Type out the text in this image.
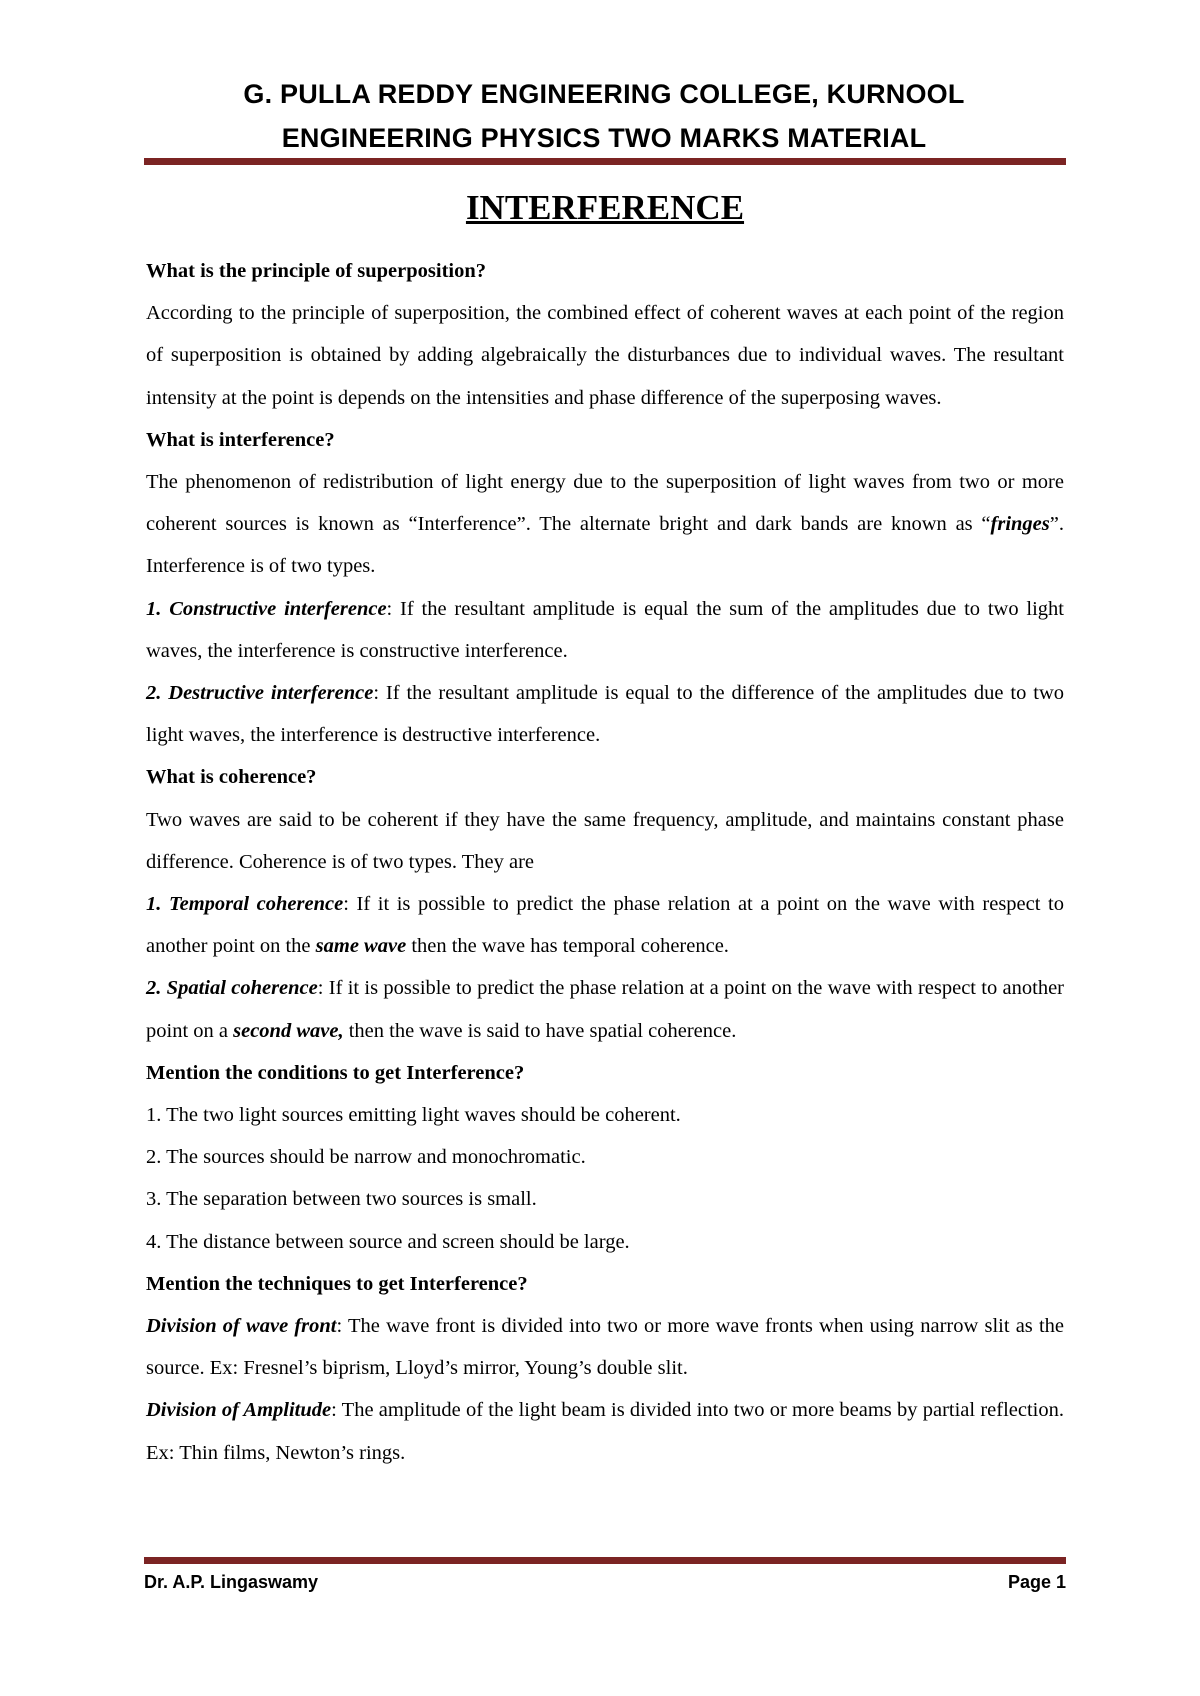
G. PULLA REDDY ENGINEERING COLLEGE, KURNOOL
ENGINEERING PHYSICS TWO MARKS MATERIAL
INTERFERENCE

What is the principle of superposition?

According to the principle of superposition, the combined effect of coherent waves at each point of the region of superposition is obtained by adding algebraically the disturbances due to individual waves. The resultant intensity at the point is depends on the intensities and phase difference of the superposing waves.

What is interference?

The phenomenon of redistribution of light energy due to the superposition of light waves from two or more coherent sources is known as “Interference”. The alternate bright and dark bands are known as “fringes”. Interference is of two types.

1. Constructive interference: If the resultant amplitude is equal the sum of the amplitudes due to two light waves, the interference is constructive interference.

2. Destructive interference: If the resultant amplitude is equal to the difference of the amplitudes due to two light waves, the interference is destructive interference.

What is coherence?

Two waves are said to be coherent if they have the same frequency, amplitude, and maintains constant phase difference. Coherence is of two types. They are

1. Temporal coherence: If it is possible to predict the phase relation at a point on the wave with respect to another point on the same wave then the wave has temporal coherence.

2. Spatial coherence: If it is possible to predict the phase relation at a point on the wave with respect to another point on a second wave, then the wave is said to have spatial coherence.

Mention the conditions to get Interference?

1. The two light sources emitting light waves should be coherent.

2. The sources should be narrow and monochromatic.

3. The separation between two sources is small.

4. The distance between source and screen should be large.

Mention the techniques to get Interference?

Division of wave front: The wave front is divided into two or more wave fronts when using narrow slit as the source. Ex: Fresnel’s biprism, Lloyd’s mirror, Young’s double slit.

Division of Amplitude: The amplitude of the light beam is divided into two or more beams by partial reflection. Ex: Thin films, Newton’s rings.

Dr. A.P. Lingaswamy	Page 1
